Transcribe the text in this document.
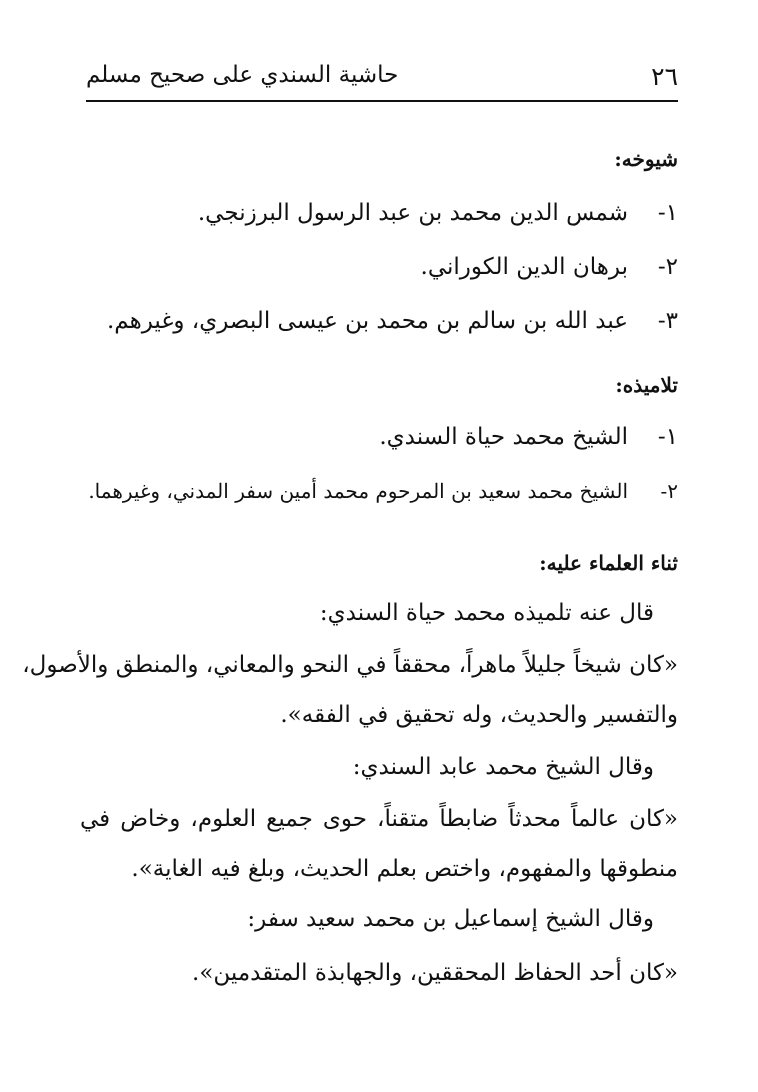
٢٦
حاشية السندي على صحيح مسلم
شيوخه:
١-شمس الدين محمد بن عبد الرسول البرزنجي.
٢-برهان الدين الكوراني.
٣-عبد الله بن سالم بن محمد بن عيسى البصري، وغيرهم.
تلاميذه:
١-الشيخ محمد حياة السندي.
٢-الشيخ محمد سعيد بن المرحوم محمد أمين سفر المدني، وغيرهما.
ثناء العلماء عليه:
قال عنه تلميذه محمد حياة السندي:
«كان شيخاً جليلاً ماهراً، محققاً في النحو والمعاني، والمنطق والأصول،
والتفسير والحديث، وله تحقيق في الفقه».
وقال الشيخ محمد عابد السندي:
«كان عالماً محدثاً ضابطاً متقناً، حوى جميع العلوم، وخاض في
منطوقها والمفهوم، واختص بعلم الحديث، وبلغ فيه الغاية».
وقال الشيخ إسماعيل بن محمد سعيد سفر:
«كان أحد الحفاظ المحققين، والجهابذة المتقدمين».
